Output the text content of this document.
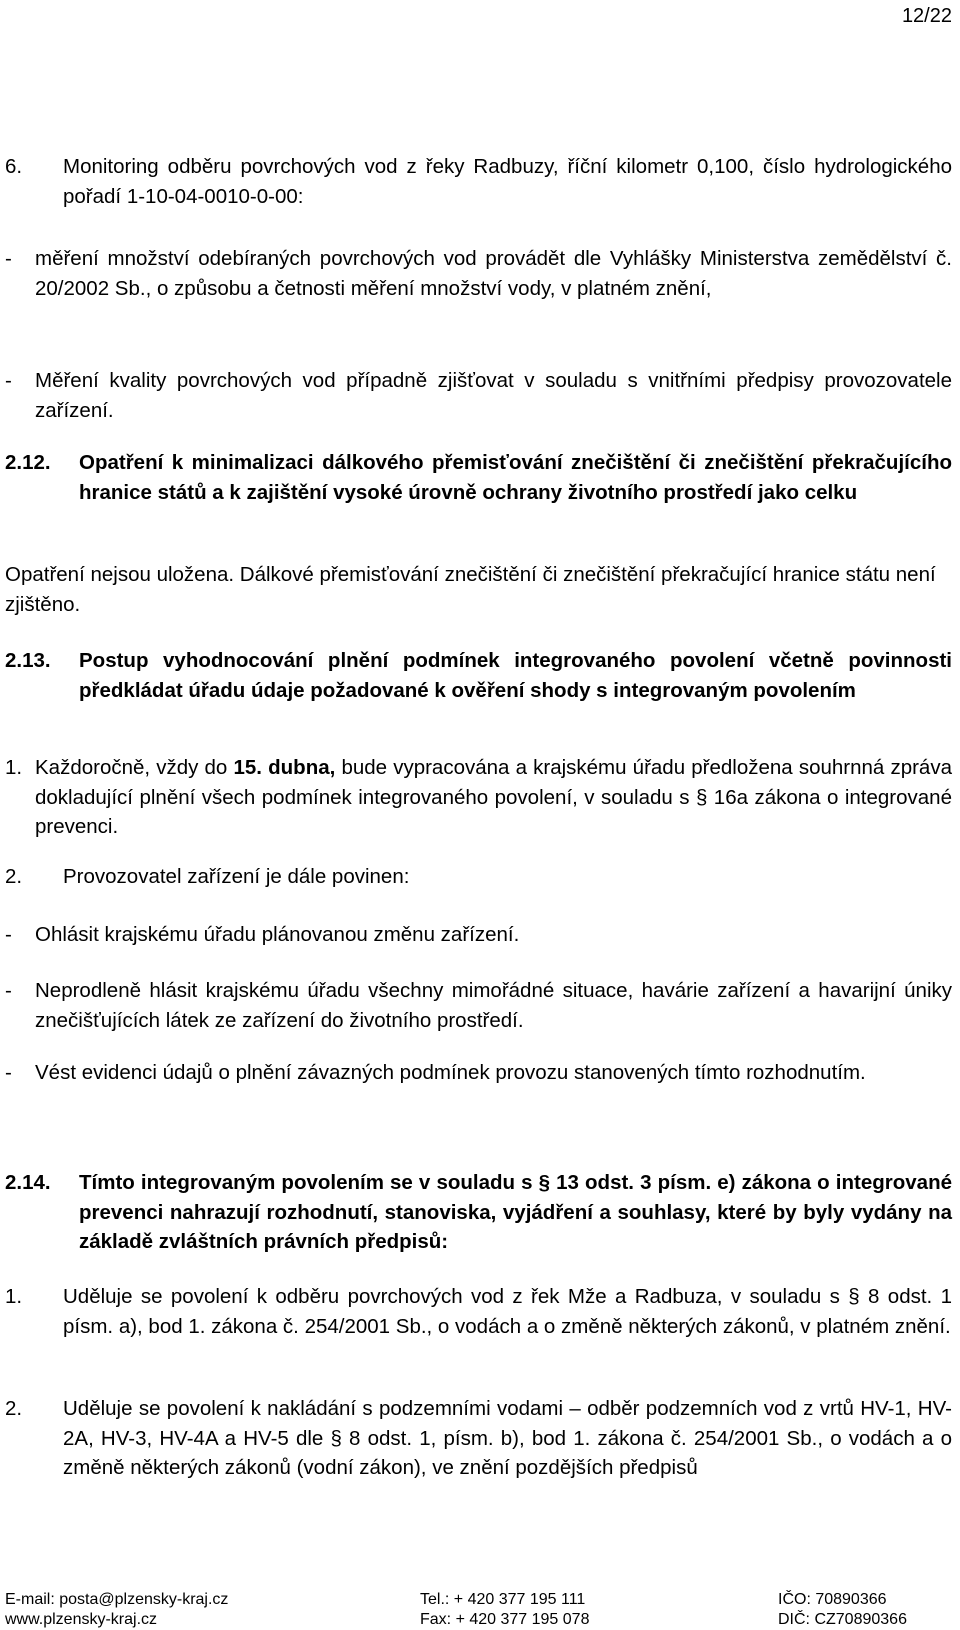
12/22
6.	Monitoring odběru povrchových vod z řeky Radbuzy, říční kilometr 0,100, číslo hydrologického pořadí 1-10-04-0010-0-00:
-	měření množství odebíraných povrchových vod provádět dle Vyhlášky Ministerstva zemědělství č. 20/2002 Sb., o způsobu a četnosti měření množství vody, v platném znění,
-	Měření kvality povrchových vod případně zjišťovat v souladu s vnitřními předpisy provozovatele zařízení.
2.12.	Opatření k minimalizaci dálkového přemisťování znečištění či znečištění překračujícího hranice států a k zajištění vysoké úrovně ochrany životního prostředí jako celku
Opatření nejsou uložena. Dálkové přemisťování znečištění či znečištění překračující hranice státu není zjištěno.
2.13.	Postup vyhodnocování plnění podmínek integrovaného povolení včetně povinnosti předkládat úřadu údaje požadované k ověření shody s integrovaným povolením
1. Každoročně, vždy do 15. dubna, bude vypracována a krajskému úřadu předložena souhrnná zpráva dokladující plnění všech podmínek integrovaného povolení, v souladu s § 16a zákona o integrované prevenci.
2.	Provozovatel zařízení je dále povinen:
-	Ohlásit krajskému úřadu plánovanou změnu zařízení.
-	Neprodleně hlásit krajskému úřadu všechny mimořádné situace, havárie zařízení a havarijní úniky znečišťujících látek ze zařízení do životního prostředí.
-	Vést evidenci údajů o plnění závazných podmínek provozu stanovených tímto rozhodnutím.
2.14.	Tímto integrovaným povolením se v souladu s § 13 odst. 3 písm. e) zákona o integrované prevenci nahrazují rozhodnutí, stanoviska, vyjádření a souhlasy, které by byly vydány na základě zvláštních právních předpisů:
1.	Uděluje se povolení k odběru povrchových vod z řek Mže a Radbuza, v souladu s § 8 odst. 1 písm. a), bod 1. zákona č. 254/2001 Sb., o vodách a o změně některých zákonů, v platném znění.
2.	Uděluje se povolení k nakládání s podzemními vodami – odběr podzemních vod z vrtů HV-1, HV-2A, HV-3, HV-4A a HV-5 dle § 8 odst. 1, písm. b), bod 1. zákona č. 254/2001 Sb., o vodách a o změně některých zákonů (vodní zákon), ve znění pozdějších předpisů
E-mail: posta@plzensky-kraj.cz
www.plzensky-kraj.cz
Tel.: + 420 377 195 111
Fax: + 420 377 195 078
IČO: 70890366
DIČ: CZ70890366
